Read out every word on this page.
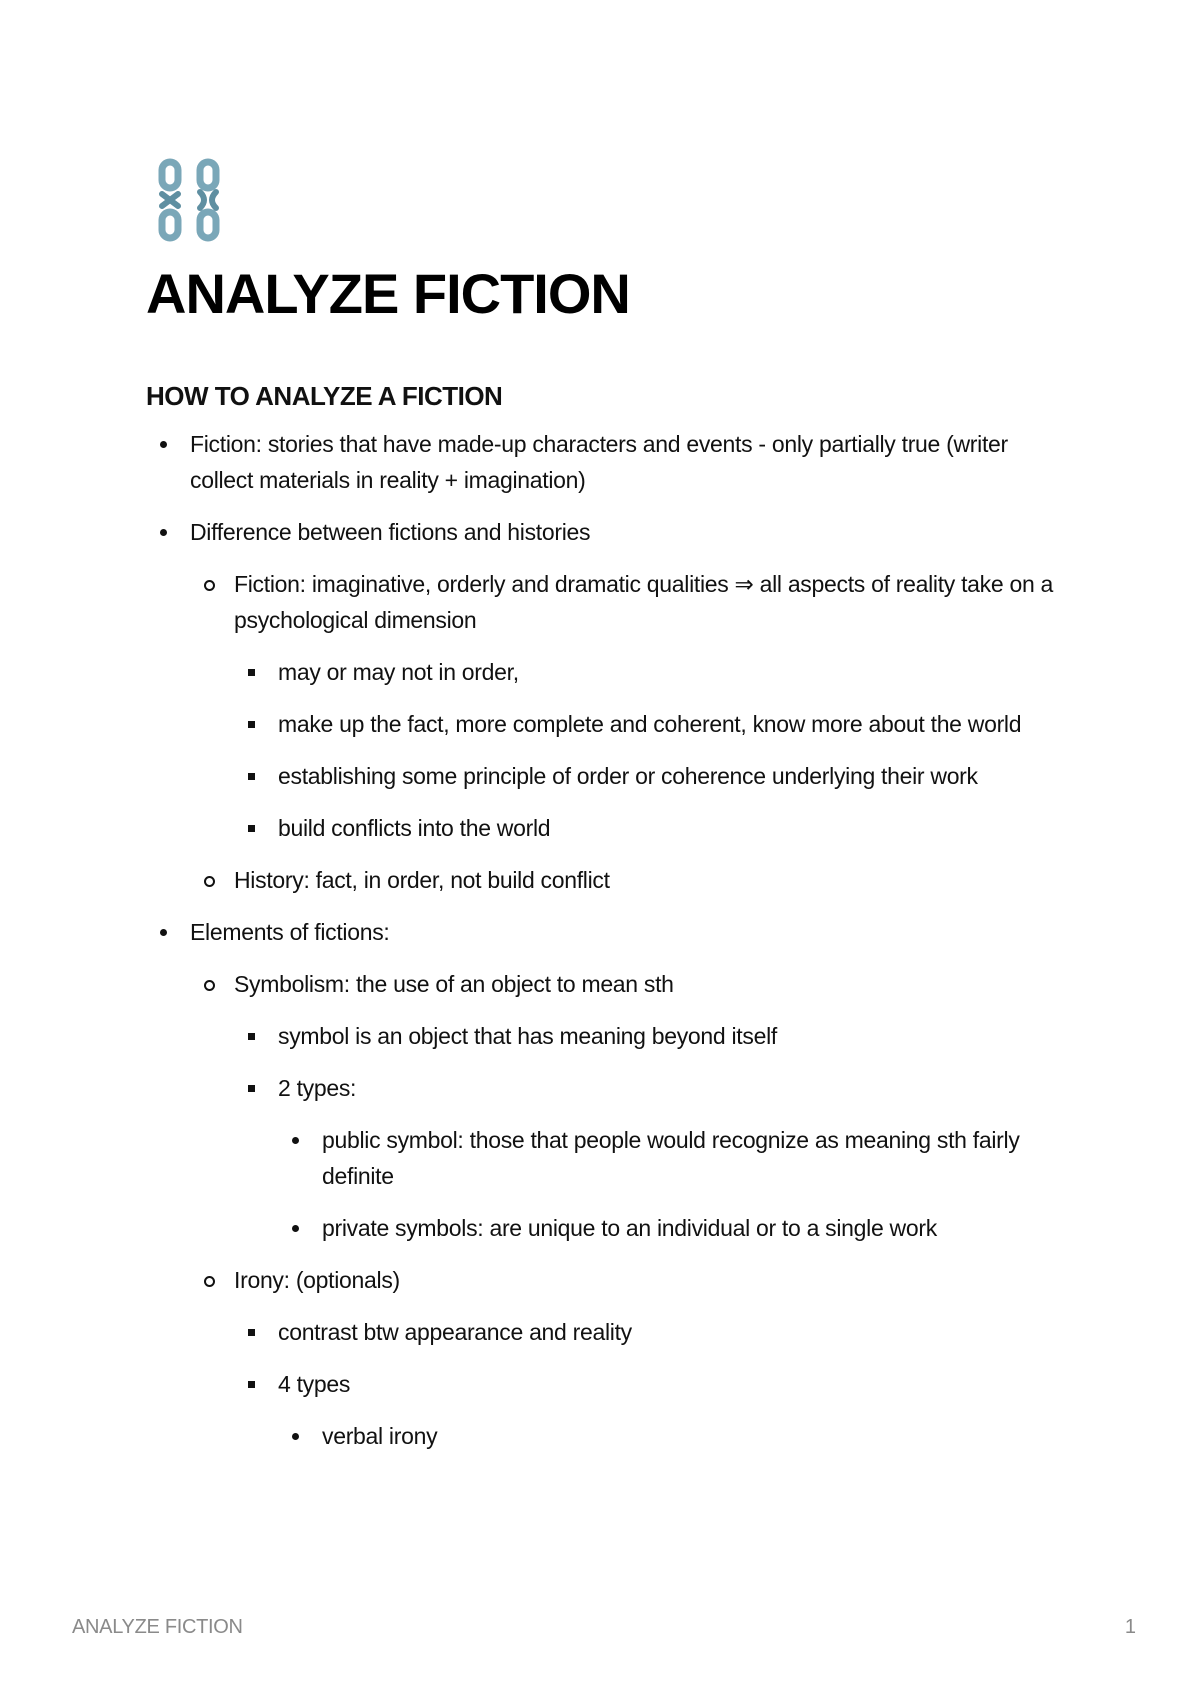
ANALYZE FICTION
HOW TO ANALYZE A FICTION
Fiction: stories that have made-up characters and events - only partially true (writer collect materials in reality + imagination)
Difference between fictions and histories
Fiction: imaginative, orderly and dramatic qualities ⇒ all aspects of reality take on a psychological dimension
may or may not in order,
make up the fact, more complete and coherent, know more about the world
establishing some principle of order or coherence underlying their work
build conflicts into the world
History: fact, in order, not build conflict
Elements of fictions:
Symbolism: the use of an object to mean sth
symbol is an object that has meaning beyond itself
2 types:
public symbol: those that people would recognize as meaning sth fairly definite
private symbols: are unique to an individual or to a single work
Irony: (optionals)
contrast btw appearance and reality
4 types
verbal irony
ANALYZE FICTION	1
